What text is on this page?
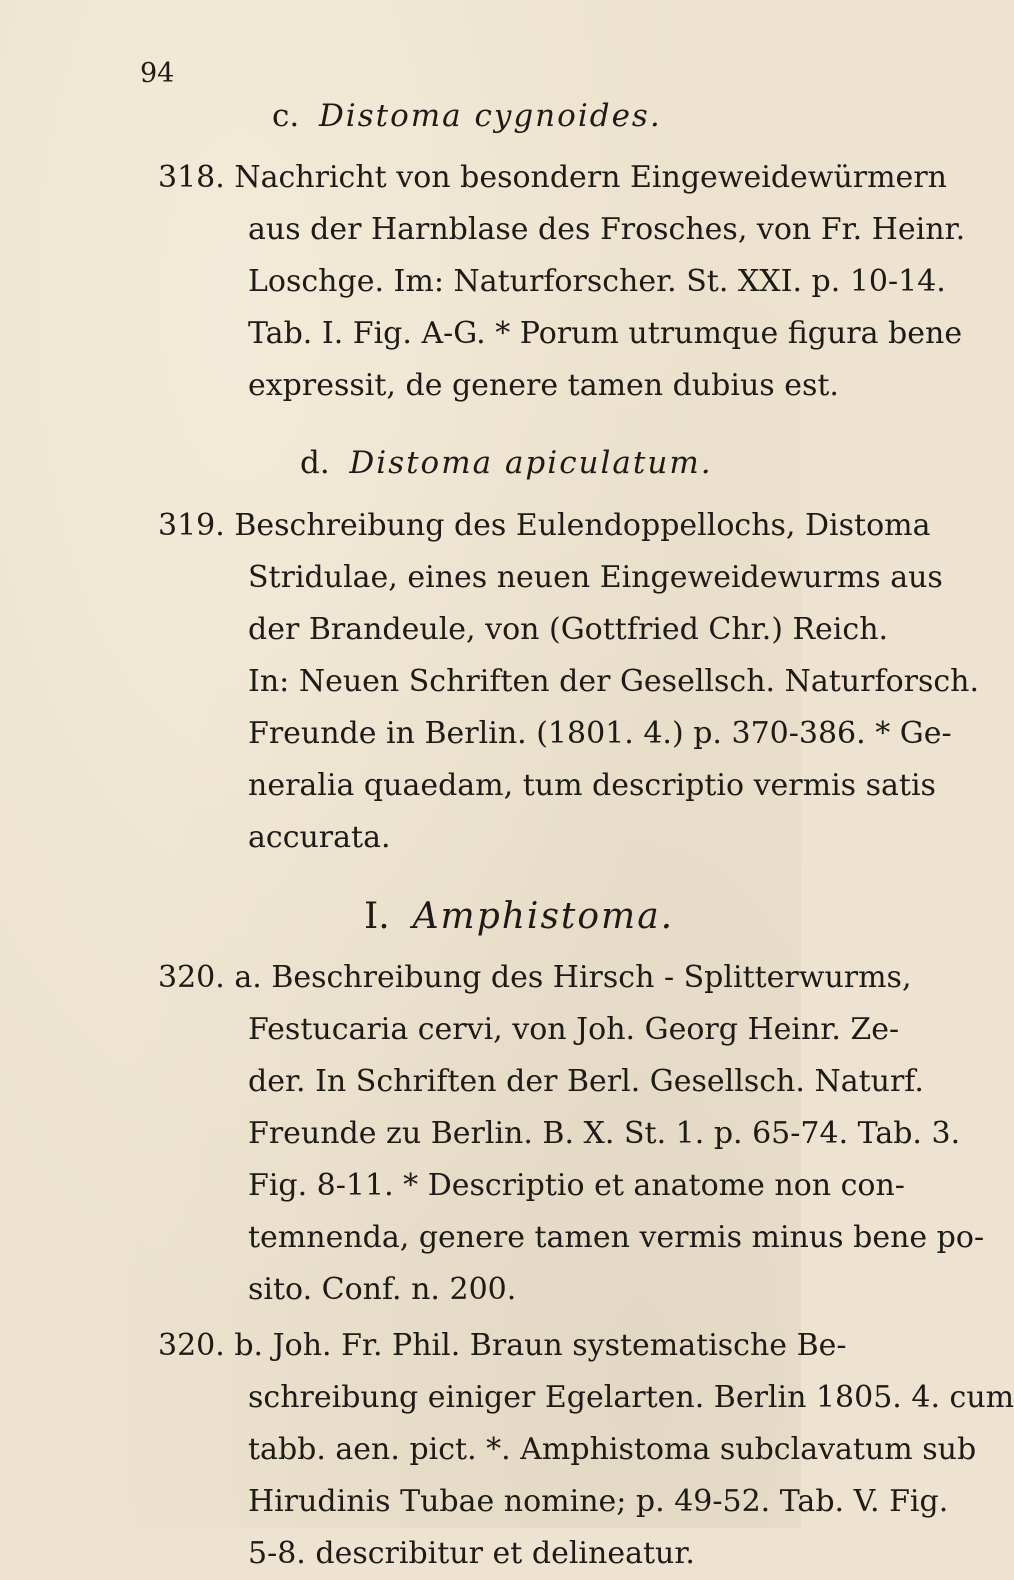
94
c. Distoma cygnoides.
318. Nachricht von besondern Eingeweidewürmern
aus der Harnblase des Frosches, von Fr. Heinr.
Loschge. Im: Naturforscher. St. XXI. p. 10-14.
Tab. I. Fig. A-G. * Porum utrumque figura bene
expressit, de genere tamen dubius est.
d. Distoma apiculatum.
319. Beschreibung des Eulendoppellochs, Distoma
Stridulae, eines neuen Eingeweidewurms aus
der Brandeule, von (Gottfried Chr.) Reich.
In: Neuen Schriften der Gesellsch. Naturforsch.
Freunde in Berlin. (1801. 4.) p. 370-386. * Ge-
neralia quaedam, tum descriptio vermis satis
accurata.
I. Amphistoma.
320. a. Beschreibung des Hirsch - Splitterwurms,
Festucaria cervi, von Joh. Georg Heinr. Ze-
der. In Schriften der Berl. Gesellsch. Naturf.
Freunde zu Berlin. B. X. St. 1. p. 65-74. Tab. 3.
Fig. 8-11. * Descriptio et anatome non con-
temnenda, genere tamen vermis minus bene po-
sito. Conf. n. 200.
320. b. Joh. Fr. Phil. Braun systematische Be-
schreibung einiger Egelarten. Berlin 1805. 4. cum
tabb. aen. pict. *. Amphistoma subclavatum sub
Hirudinis Tubae nomine; p. 49-52. Tab. V. Fig.
5-8. describitur et delineatur.
